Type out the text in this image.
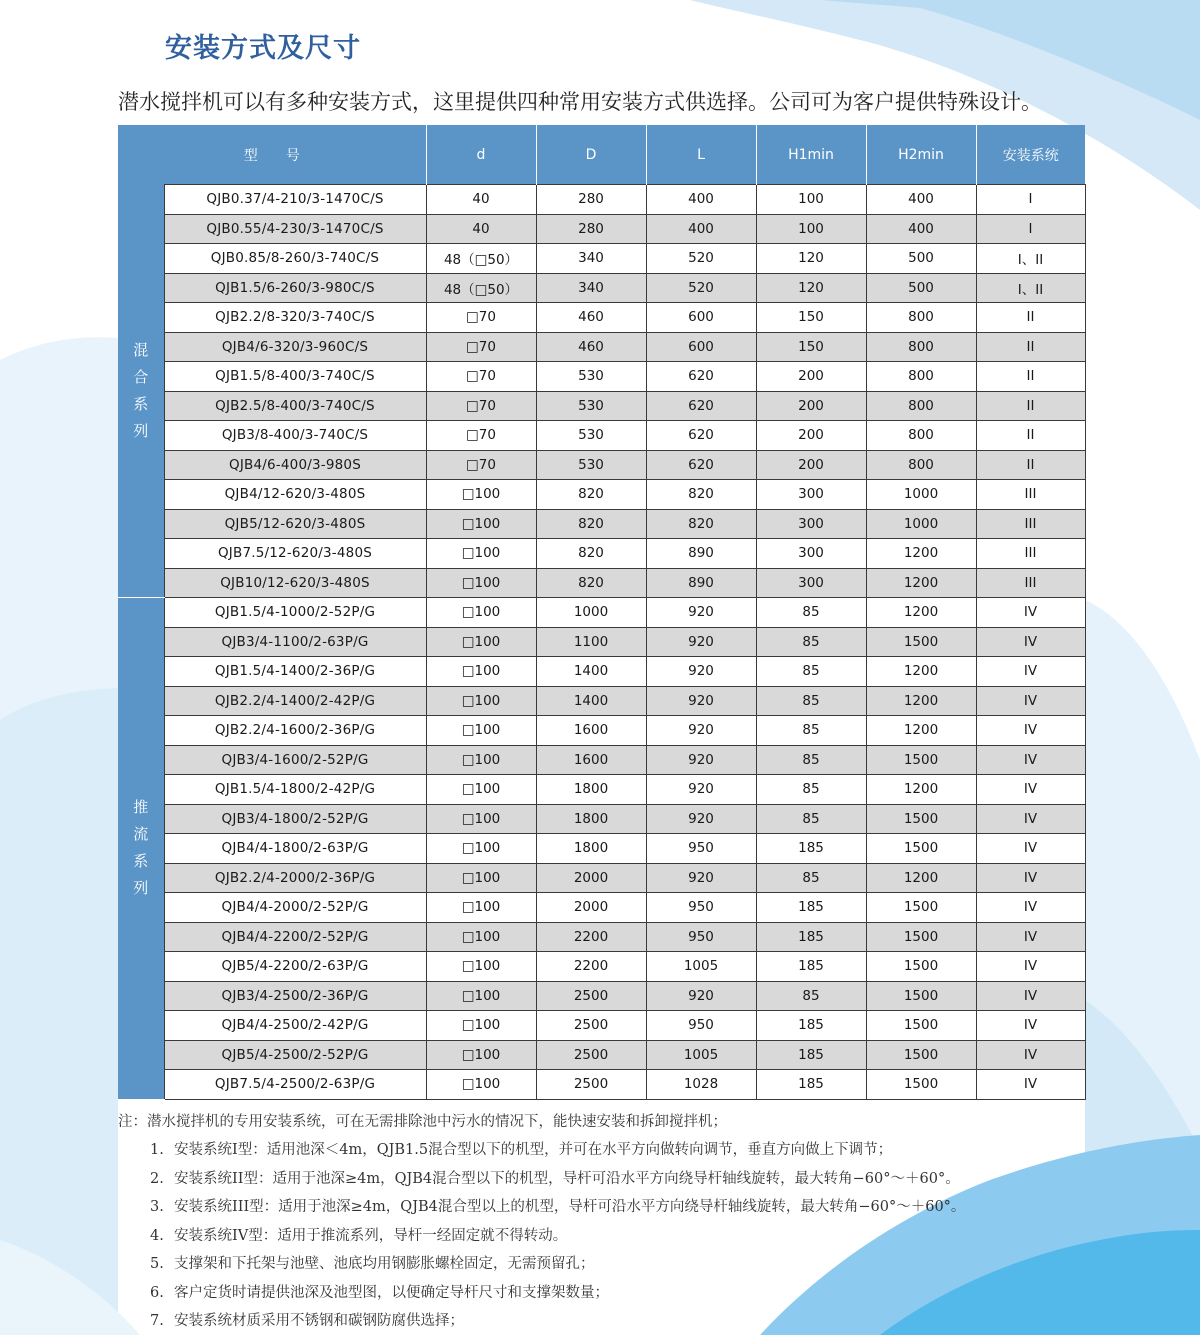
安装方式及尺寸
潜水搅拌机可以有多种安装方式，这里提供四种常用安装方式供选择。公司可为客户提供特殊设计。
型　　号		d	D	L	H1min	H2min	安装系统

混合系列	QJB0.37/4-210/3-1470C/S	40	280	400	100	400	I
	QJB0.55/4-230/3-1470C/S	40	280	400	100	400	I
	QJB0.85/8-260/3-740C/S	48（□50）	340	520	120	500	I、II
	QJB1.5/6-260/3-980C/S	48（□50）	340	520	120	500	I、II
	QJB2.2/8-320/3-740C/S	□70	460	600	150	800	II
	QJB4/6-320/3-960C/S	□70	460	600	150	800	II
	QJB1.5/8-400/3-740C/S	□70	530	620	200	800	II
	QJB2.5/8-400/3-740C/S	□70	530	620	200	800	II
	QJB3/8-400/3-740C/S	□70	530	620	200	800	II
	QJB4/6-400/3-980S	□70	530	620	200	800	II
	QJB4/12-620/3-480S	□100	820	820	300	1000	III
	QJB5/12-620/3-480S	□100	820	820	300	1000	III
	QJB7.5/12-620/3-480S	□100	820	890	300	1200	III
	QJB10/12-620/3-480S	□100	820	890	300	1200	III

推流系列	QJB1.5/4-1000/2-52P/G	□100	1000	920	85	1200	IV
	QJB3/4-1100/2-63P/G	□100	1100	920	85	1500	IV
	QJB1.5/4-1400/2-36P/G	□100	1400	920	85	1200	IV
	QJB2.2/4-1400/2-42P/G	□100	1400	920	85	1200	IV
	QJB2.2/4-1600/2-36P/G	□100	1600	920	85	1200	IV
	QJB3/4-1600/2-52P/G	□100	1600	920	85	1500	IV
	QJB1.5/4-1800/2-42P/G	□100	1800	920	85	1200	IV
	QJB3/4-1800/2-52P/G	□100	1800	920	85	1500	IV
	QJB4/4-1800/2-63P/G	□100	1800	950	185	1500	IV
	QJB2.2/4-2000/2-36P/G	□100	2000	920	85	1200	IV
	QJB4/4-2000/2-52P/G	□100	2000	950	185	1500	IV
	QJB4/4-2200/2-52P/G	□100	2200	950	185	1500	IV
	QJB5/4-2200/2-63P/G	□100	2200	1005	185	1500	IV
	QJB3/4-2500/2-36P/G	□100	2500	920	85	1500	IV
	QJB4/4-2500/2-42P/G	□100	2500	950	185	1500	IV
	QJB5/4-2500/2-52P/G	□100	2500	1005	185	1500	IV
	QJB7.5/4-2500/2-63P/G	□100	2500	1028	185	1500	IV
注：潜水搅拌机的专用安装系统，可在无需排除池中污水的情况下，能快速安装和拆卸搅拌机；
1. 安装系统I型：适用池深＜4m，QJB1.5混合型以下的机型，并可在水平方向做转向调节，垂直方向做上下调节；
2. 安装系统II型：适用于池深≥4m，QJB4混合型以下的机型，导杆可沿水平方向绕导杆轴线旋转，最大转角−60°～＋60°。
3. 安装系统III型：适用于池深≥4m，QJB4混合型以上的机型，导杆可沿水平方向绕导杆轴线旋转，最大转角−60°～＋60°。
4. 安装系统IV型：适用于推流系列，导杆一经固定就不得转动。
5. 支撑架和下托架与池壁、池底均用钢膨胀螺栓固定，无需预留孔；
6. 客户定货时请提供池深及池型图，以便确定导杆尺寸和支撑架数量；
7. 安装系统材质采用不锈钢和碳钢防腐供选择；
